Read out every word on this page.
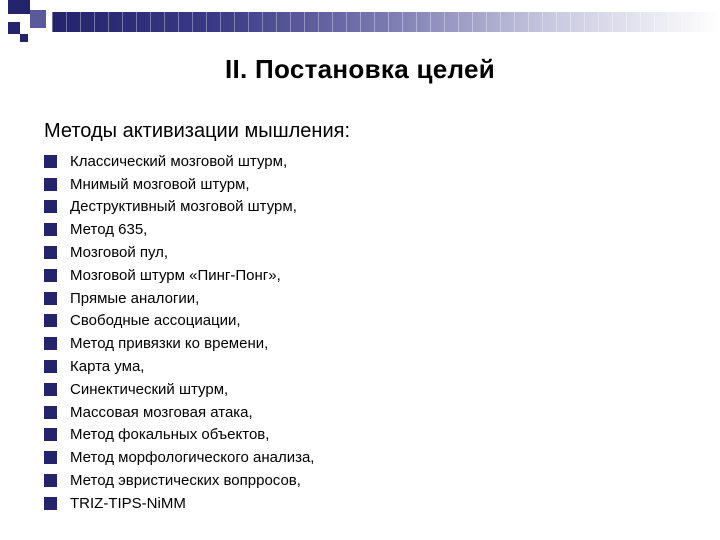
II. Постановка целей
Методы активизации мышления:
Классический мозговой штурм,
Мнимый мозговой штурм,
Деструктивный мозговой штурм,
Метод 635,
Мозговой пул,
Мозговой штурм «Пинг-Понг»,
Прямые аналогии,
Свободные ассоциации,
Метод привязки ко времени,
Карта ума,
Синектический штурм,
Массовая мозговая атака,
Метод фокальных объектов,
Метод морфологического анализа,
Метод эвристических вопрросов,
TRIZ-TIPS-NiMM
